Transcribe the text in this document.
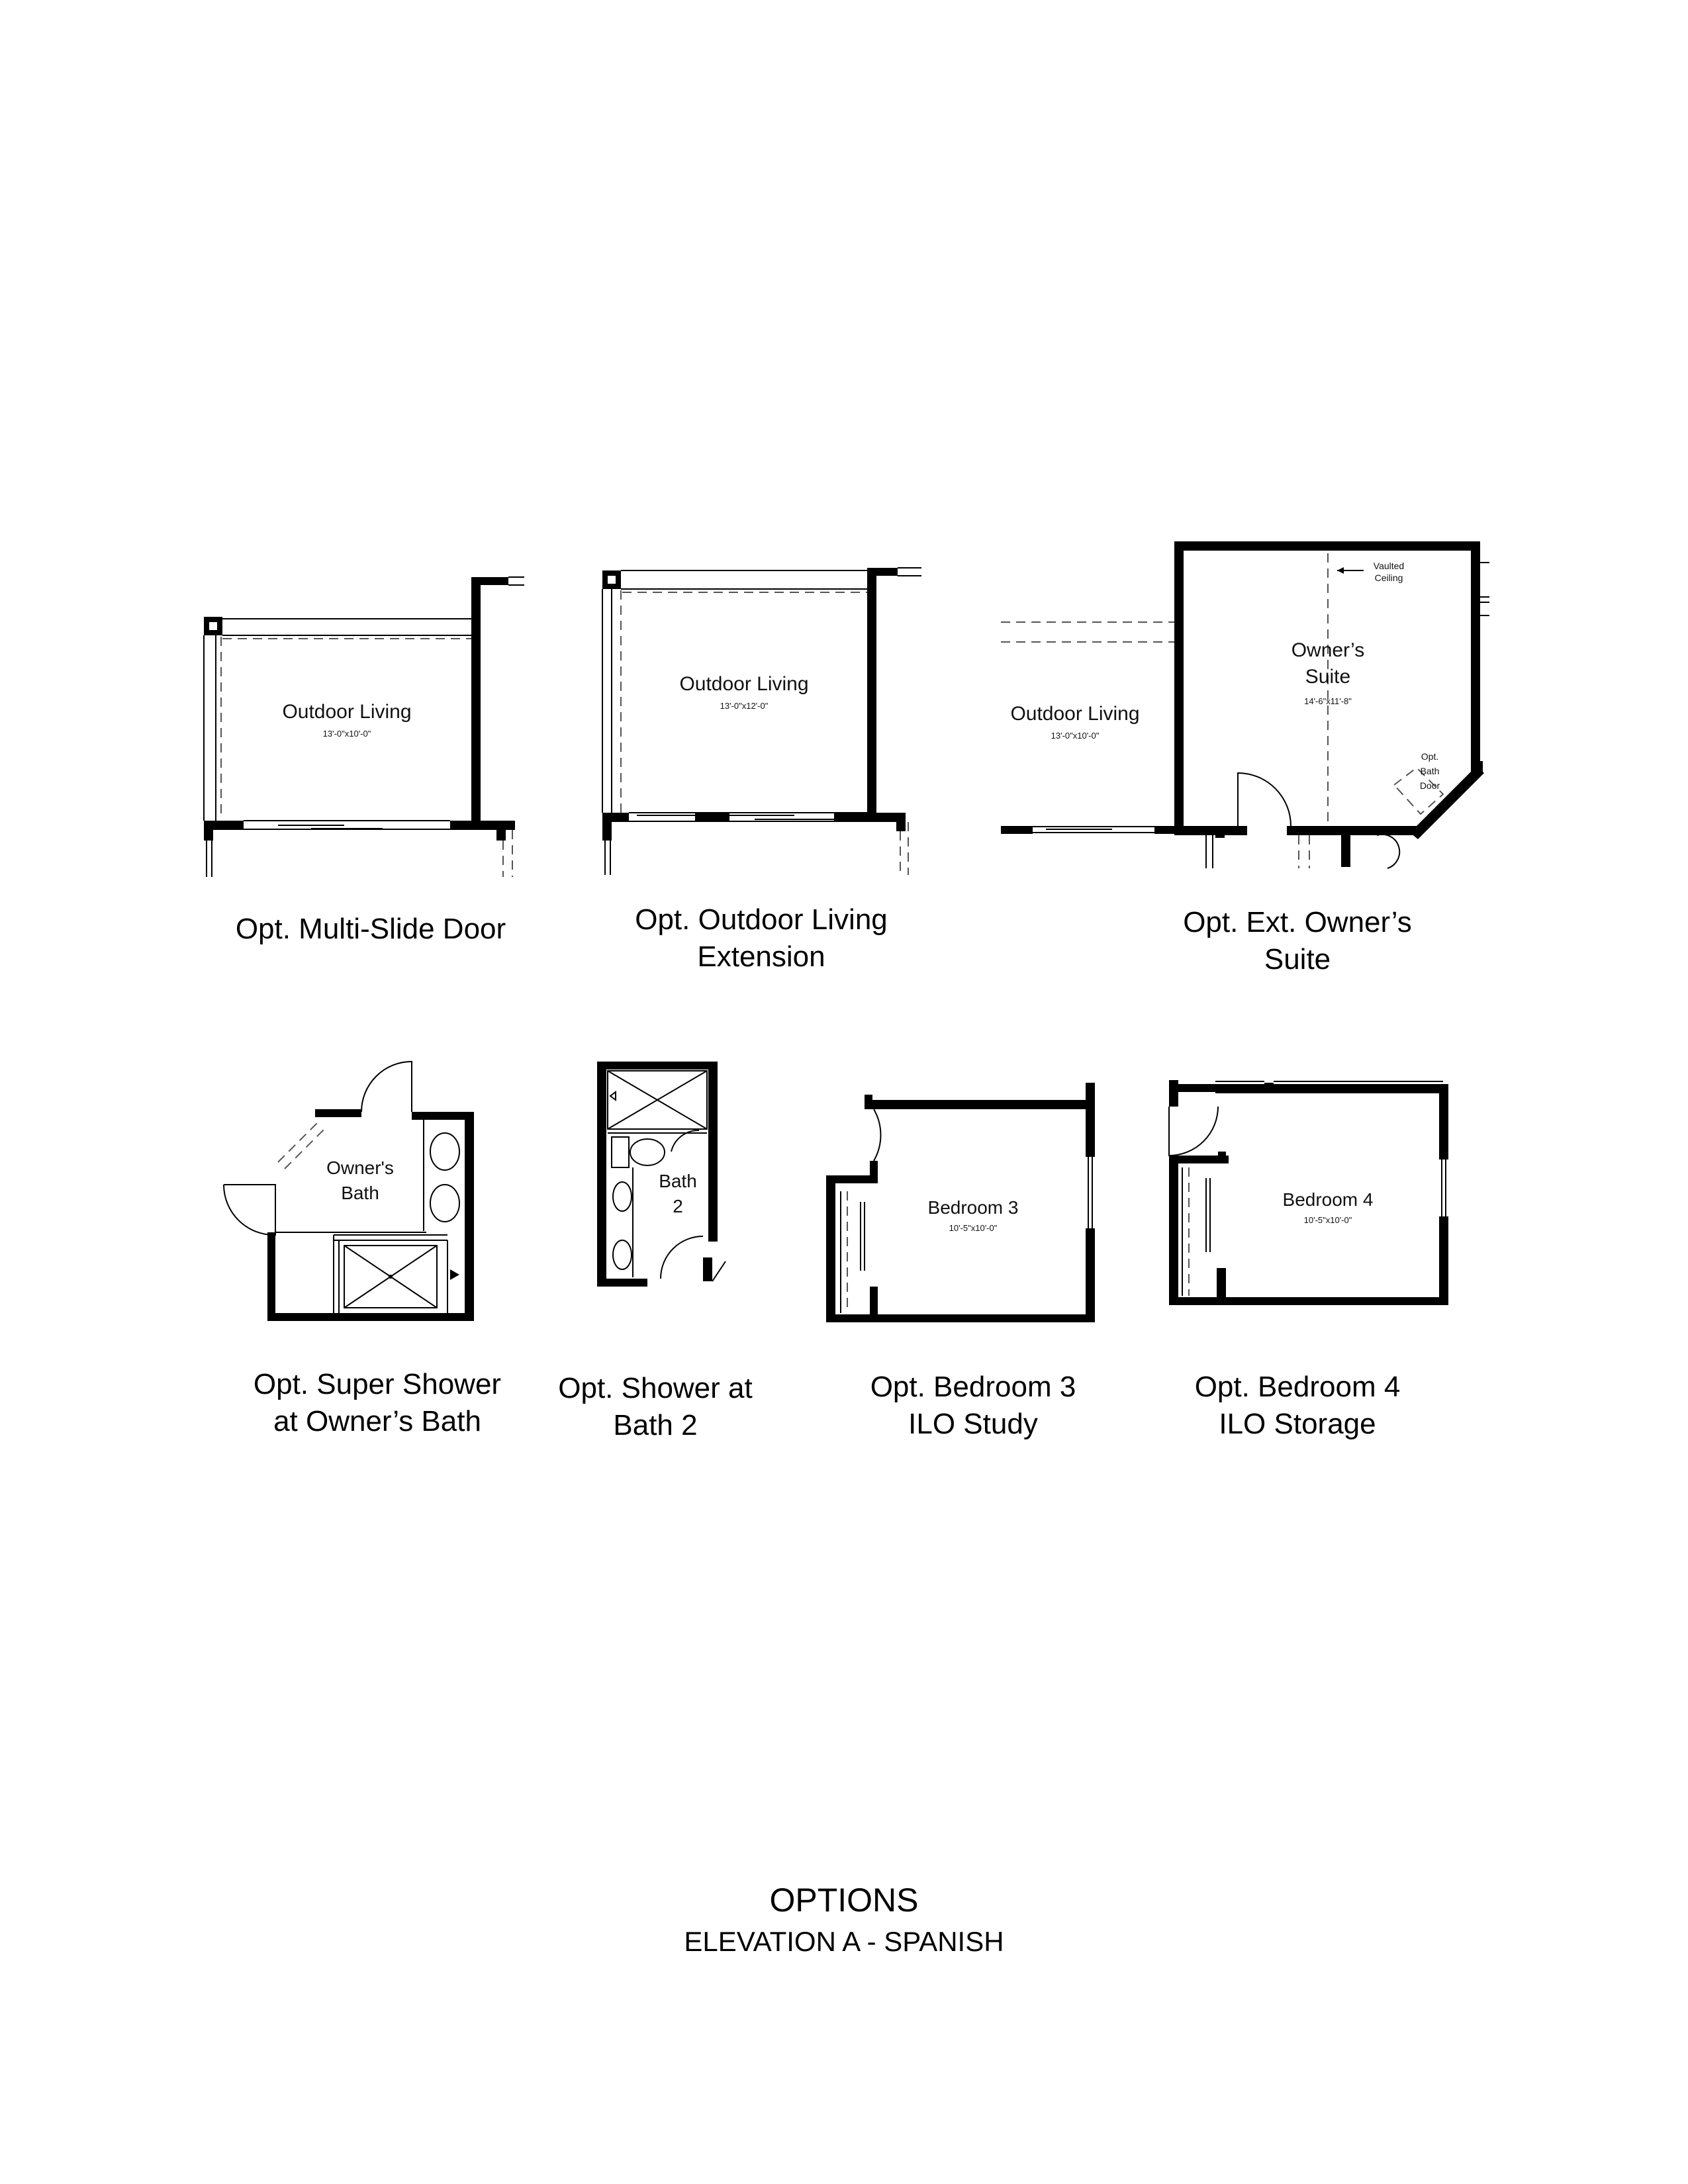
Outdoor Living
13'-0"x10'-0"
Outdoor Living
13'-0"x12'-0"
Vaulted
Ceiling
Owner’s
Suite
14'-6"x11'-8"
Opt.
Bath
Door
Outdoor Living
13'-0"x10'-0"
Owner's
Bath
Bath
2	Bedroom 3
10'-5"x10'-0"
Bedroom 4
10'-5"x10'-0"
Opt. Multi-Slide Door	Opt. Outdoor Living
Extension
Opt. Ext. Owner’s
Suite
Opt. Super Shower
at Owner’s Bath
Opt. Shower at
Bath 2
Opt. Bedroom 3
ILO Study
Opt. Bedroom 4
ILO Storage
OPTIONS
ELEVATION A - SPANISH
